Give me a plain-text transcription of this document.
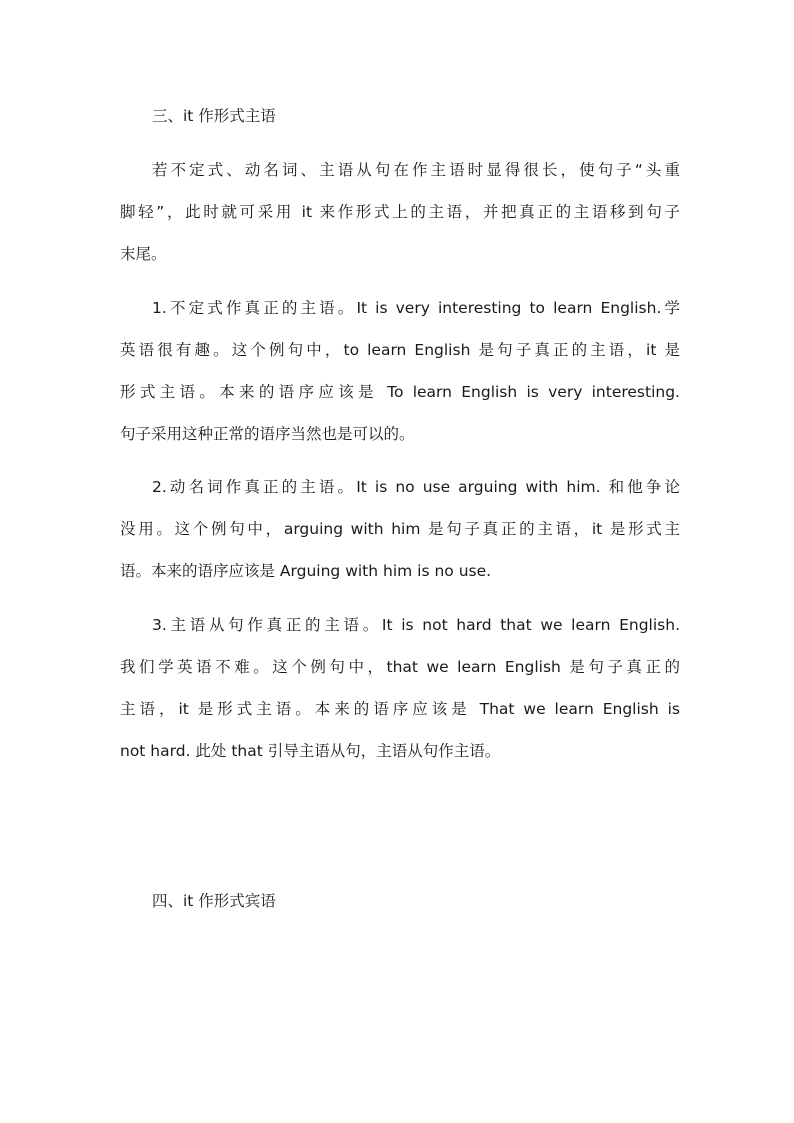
三、it 作形式主语
若不定式、动名词、主语从句在作主语时显得很长，使句子“头重
脚轻”，此时就可采用 it 来作形式上的主语，并把真正的主语移到句子
末尾。
1.不定式作真正的主语。It is very interesting to learn English.学
英语很有趣。这个例句中，to learn English 是句子真正的主语，it 是
形式主语。本来的语序应该是 To learn English is very interesting.
句子采用这种正常的语序当然也是可以的。
2.动名词作真正的主语。It is no use arguing with him. 和他争论
没用。这个例句中，arguing with him 是句子真正的主语，it 是形式主
语。本来的语序应该是 Arguing with him is no use.
3.主语从句作真正的主语。It is not hard that we learn English.
我们学英语不难。这个例句中，that we learn English 是句子真正的
主语，it 是形式主语。本来的语序应该是 That we learn English is
not hard. 此处 that 引导主语从句，主语从句作主语。
四、it 作形式宾语
